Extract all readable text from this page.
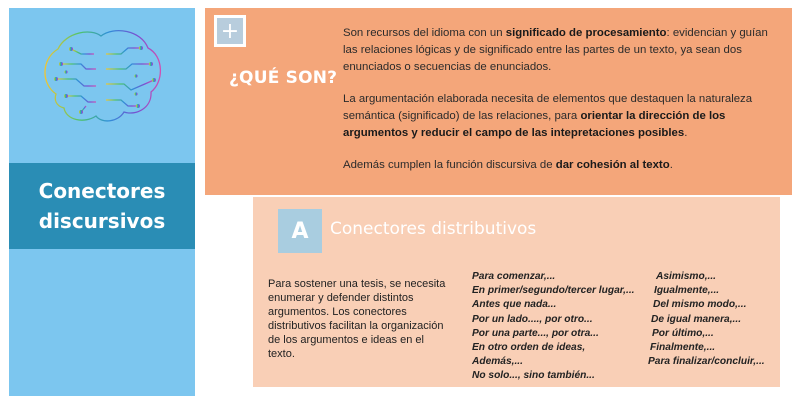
Conectores
discursivos
+
¿QUÉ SON?

Son recursos del idioma con un significado de procesamiento: evidencian y guían las relaciones lógicas y de significado entre las partes de un texto, ya sean dos enunciados o secuencias de enunciados.

La argumentación elaborada necesita de elementos que destaquen la naturaleza semántica (significado) de las relaciones, para orientar la dirección de los argumentos y reducir el campo de las intepretaciones posibles.

Además cumplen la función discursiva de dar cohesión al texto.

A	Conectores distributivos
Para sostener una tesis, se necesita enumerar y defender distintos argumentos. Los conectores distributivos facilitan la organización de los argumentos e ideas en el texto.
Para comenzar,...
En primer/segundo/tercer lugar,...
Antes que nada...
Por un lado...., por otro...
Por una parte..., por otra...
En otro orden de ideas,
Además,...
No solo..., sino también...
Asimismo,...
Igualmente,...
Del mismo modo,...
De igual manera,...
Por último,...
Finalmente,...
Para finalizar/concluir,...
